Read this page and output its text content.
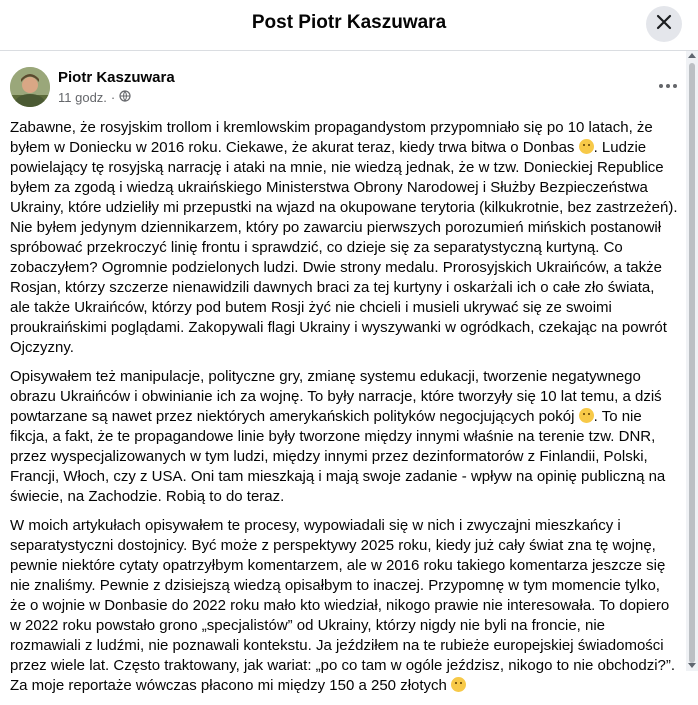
Post Piotr Kaszuwara
Piotr Kaszuwara
11 godz. ·

Zabawne, że rosyjskim trollom i kremlowskim propagandystom przypomniało się po 10 latach, że byłem w Doniecku w 2016 roku. Ciekawe, że akurat teraz, kiedy trwa bitwa o Donbas . Ludzie powielający tę rosyjską narrację i ataki na mnie, nie wiedzą jednak, że w tzw. Donieckiej Republice byłem za zgodą i wiedzą ukraińskiego Ministerstwa Obrony Narodowej i Służby Bezpieczeństwa Ukrainy, które udzieliły mi przepustki na wjazd na okupowane terytoria (kilkukrotnie, bez zastrzeżeń). Nie byłem jedynym dziennikarzem, który po zawarciu pierwszych porozumień mińskich postanowił spróbować przekroczyć linię frontu i sprawdzić, co dzieje się za separatystyczną kurtyną. Co zobaczyłem? Ogromnie podzielonych ludzi. Dwie strony medalu. Prorosyjskich Ukraińców, a także Rosjan, którzy szczerze nienawidzili dawnych braci za tej kurtyny i oskarżali ich o całe zło świata, ale także Ukraińców, którzy pod butem Rosji żyć nie chcieli i musieli ukrywać się ze swoimi proukraińskimi poglądami. Zakopywali flagi Ukrainy i wyszywanki w ogródkach, czekając na powrót Ojczyzny.

Opisywałem też manipulacje, polityczne gry, zmianę systemu edukacji, tworzenie negatywnego obrazu Ukraińców i obwinianie ich za wojnę. To były narracje, które tworzyły się 10 lat temu, a dziś powtarzane są nawet przez niektórych amerykańskich polityków negocjujących pokój . To nie fikcja, a fakt, że te propagandowe linie były tworzone między innymi właśnie na terenie tzw. DNR, przez wyspecjalizowanych w tym ludzi, między innymi przez dezinformatorów z Finlandii, Polski, Francji, Włoch, czy z USA. Oni tam mieszkają i mają swoje zadanie - wpływ na opinię publiczną na świecie, na Zachodzie. Robią to do teraz.

W moich artykułach opisywałem te procesy, wypowiadali się w nich i zwyczajni mieszkańcy i separatystyczni dostojnicy. Być może z perspektywy 2025 roku, kiedy już cały świat zna tę wojnę, pewnie niektóre cytaty opatrzyłbym komentarzem, ale w 2016 roku takiego komentarza jeszcze się nie znaliśmy. Pewnie z dzisiejszą wiedzą opisałbym to inaczej. Przypomnę w tym momencie tylko, że o wojnie w Donbasie do 2022 roku mało kto wiedział, nikogo prawie nie interesowała. To dopiero w 2022 roku powstało grono „specjalistów” od Ukrainy, którzy nigdy nie byli na froncie, nie rozmawiali z ludźmi, nie poznawali kontekstu. Ja jeździłem na te rubieże europejskiej świadomości przez wiele lat. Często traktowany, jak wariat: „po co tam w ogóle jeździsz, nikogo to nie obchodzi?”. Za moje reportaże wówczas płacono mi między 150 a 250 złotych
